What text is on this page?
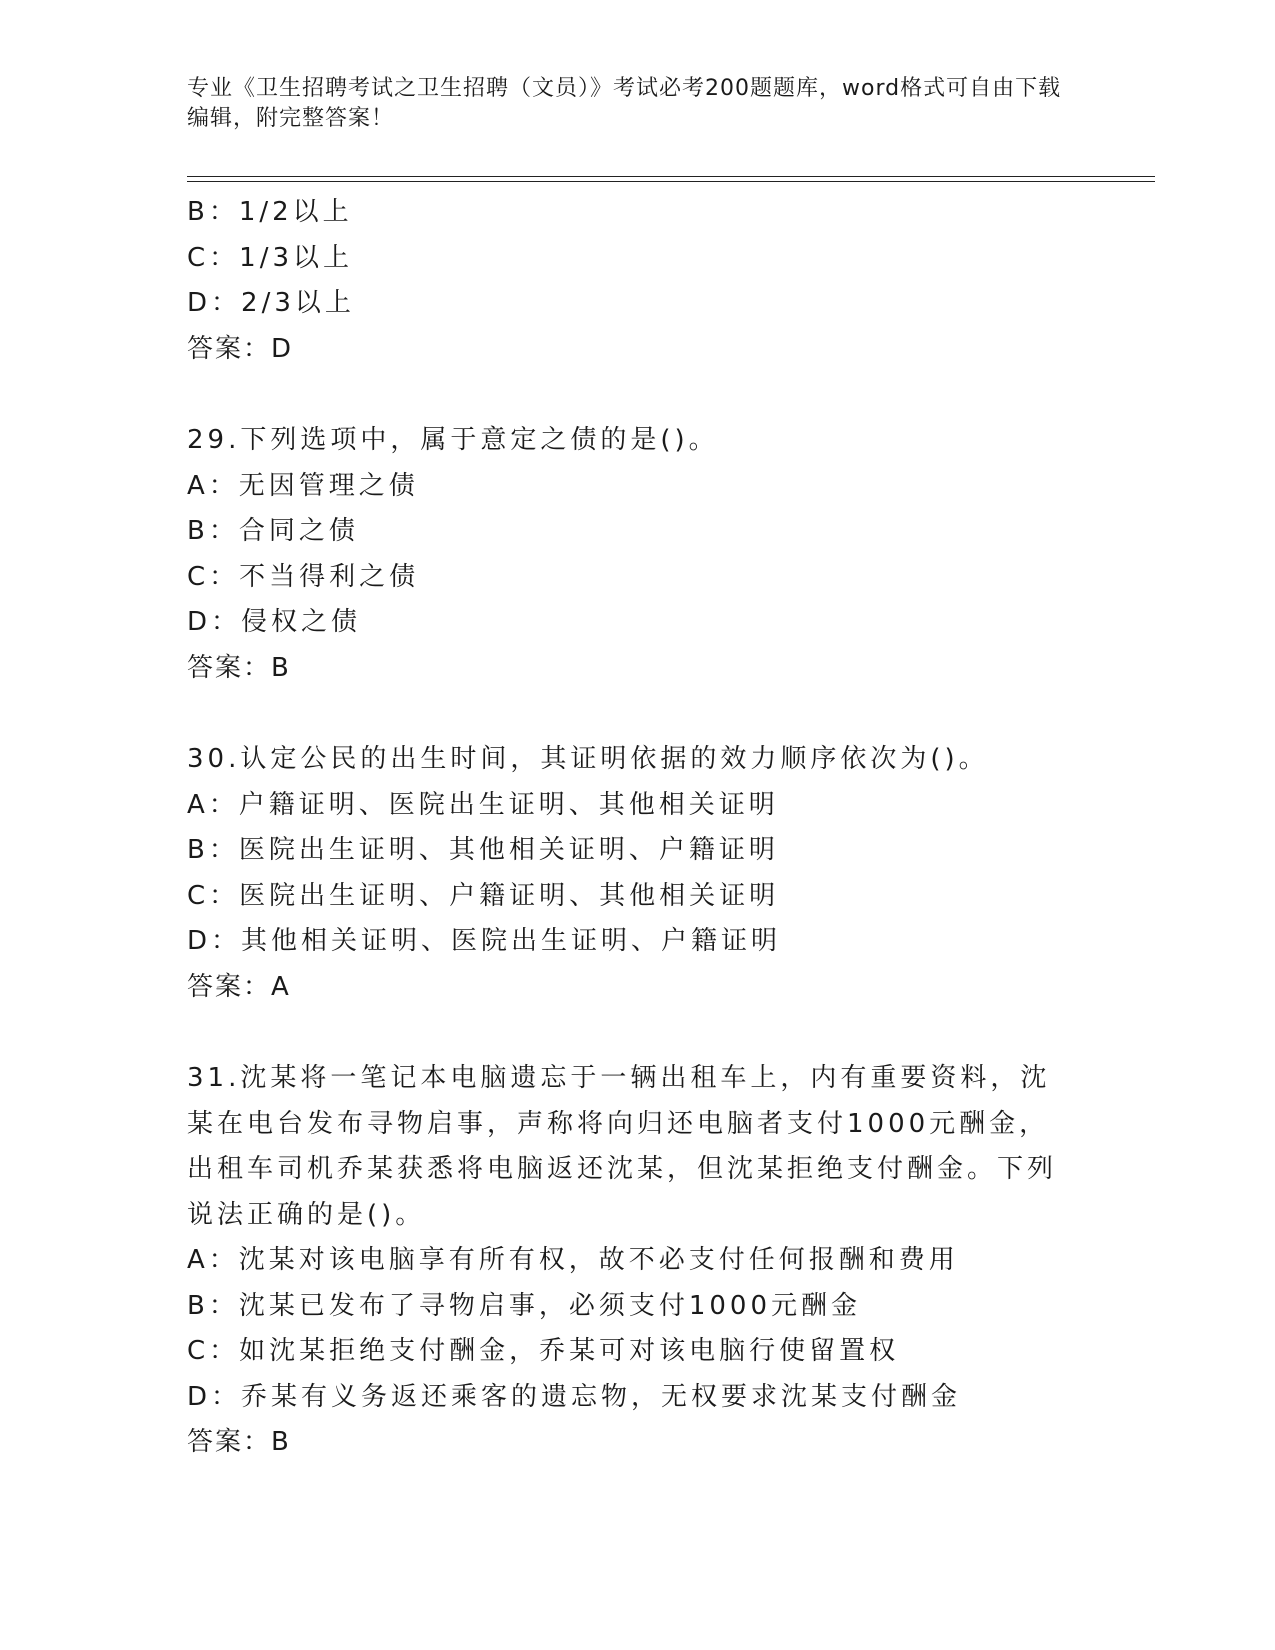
专业《卫生招聘考试之卫生招聘（文员）》考试必考200题题库，word格式可自由下载编辑，附完整答案！
B：1/2以上
C：1/3以上
D：2/3以上
答案：D
29.下列选项中，属于意定之债的是()。
A：无因管理之债
B：合同之债
C：不当得利之债
D：侵权之债
答案：B
30.认定公民的出生时间，其证明依据的效力顺序依次为()。
A：户籍证明、医院出生证明、其他相关证明
B：医院出生证明、其他相关证明、户籍证明
C：医院出生证明、户籍证明、其他相关证明
D：其他相关证明、医院出生证明、户籍证明
答案：A
31.沈某将一笔记本电脑遗忘于一辆出租车上，内有重要资料，沈某在电台发布寻物启事，声称将向归还电脑者支付1000元酬金，出租车司机乔某获悉将电脑返还沈某，但沈某拒绝支付酬金。下列说法正确的是()。
A：沈某对该电脑享有所有权，故不必支付任何报酬和费用
B：沈某已发布了寻物启事，必须支付1000元酬金
C：如沈某拒绝支付酬金，乔某可对该电脑行使留置权
D：乔某有义务返还乘客的遗忘物，无权要求沈某支付酬金
答案：B
